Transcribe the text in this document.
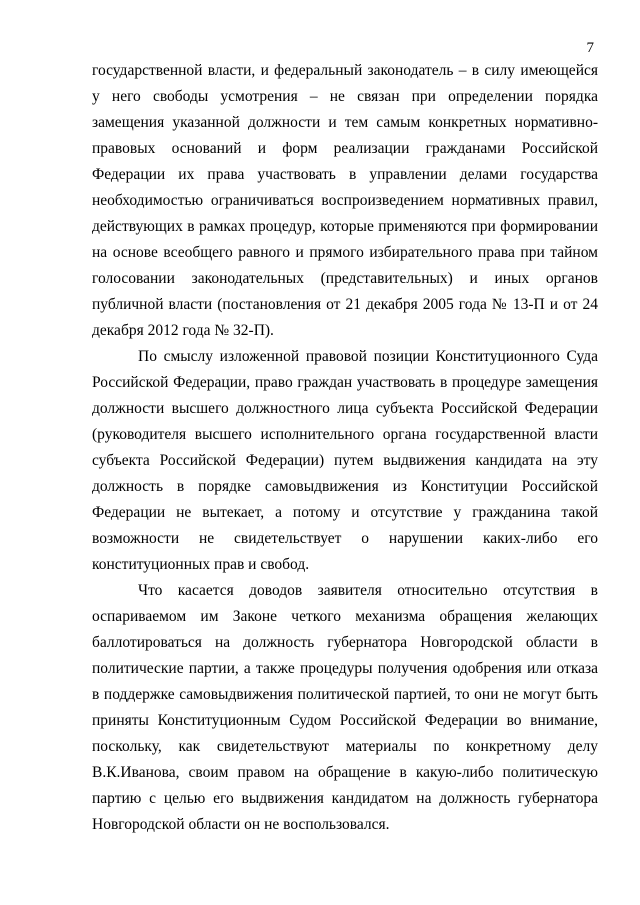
7

государственной власти, и федеральный законодатель – в силу имеющейся у него свободы усмотрения – не связан при определении порядка замещения указанной должности и тем самым конкретных нормативно-правовых оснований и форм реализации гражданами Российской Федерации их права участвовать в управлении делами государства необходимостью ограничиваться воспроизведением нормативных правил, действующих в рамках процедур, которые применяются при формировании на основе всеобщего равного и прямого избирательного права при тайном голосовании законодательных (представительных) и иных органов публичной власти (постановления от 21 декабря 2005 года № 13-П и от 24 декабря 2012 года № 32-П).

По смыслу изложенной правовой позиции Конституционного Суда Российской Федерации, право граждан участвовать в процедуре замещения должности высшего должностного лица субъекта Российской Федерации (руководителя высшего исполнительного органа государственной власти субъекта Российской Федерации) путем выдвижения кандидата на эту должность в порядке самовыдвижения из Конституции Российской Федерации не вытекает, а потому и отсутствие у гражданина такой возможности не свидетельствует о нарушении каких-либо его конституционных прав и свобод.

Что касается доводов заявителя относительно отсутствия в оспариваемом им Законе четкого механизма обращения желающих баллотироваться на должность губернатора Новгородской области в политические партии, а также процедуры получения одобрения или отказа в поддержке самовыдвижения политической партией, то они не могут быть приняты Конституционным Судом Российской Федерации во внимание, поскольку, как свидетельствуют материалы по конкретному делу В.К.Иванова, своим правом на обращение в какую-либо политическую партию с целью его выдвижения кандидатом на должность губернатора Новгородской области он не воспользовался.
